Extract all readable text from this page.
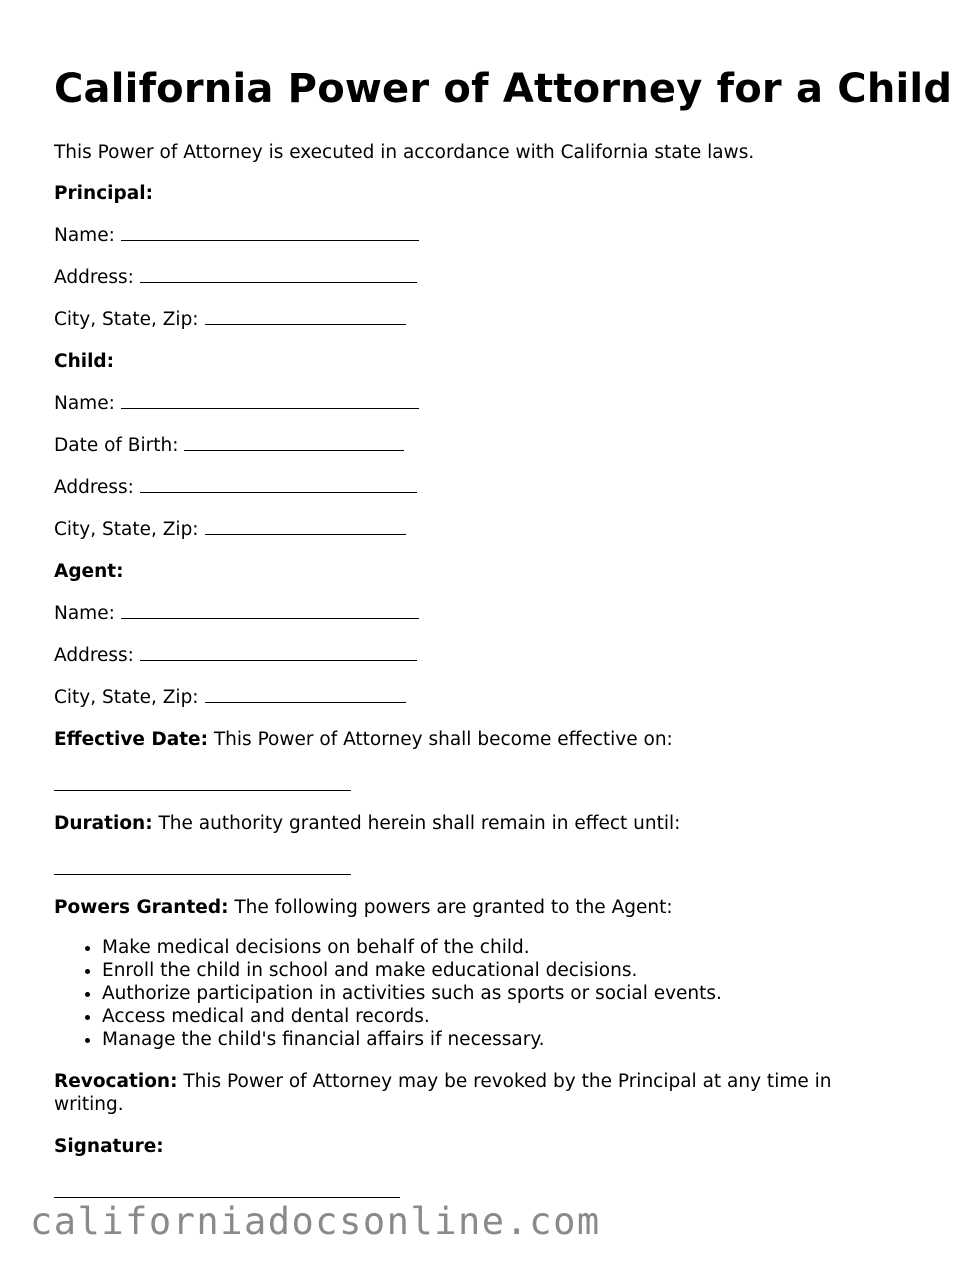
California Power of Attorney for a Child

This Power of Attorney is executed in accordance with California state laws.

Principal:

Name:

Address:

City, State, Zip:

Child:

Name:

Date of Birth:

Address:

City, State, Zip:

Agent:

Name:

Address:

City, State, Zip:

Effective Date: This Power of Attorney shall become effective on:

Duration: The authority granted herein shall remain in effect until:

Powers Granted: The following powers are granted to the Agent:

• Make medical decisions on behalf of the child.
• Enroll the child in school and make educational decisions.
• Authorize participation in activities such as sports or social events.
• Access medical and dental records.
• Manage the child's financial affairs if necessary.

Revocation: This Power of Attorney may be revoked by the Principal at any time in writing.

Signature:

californiadocsonline.com
